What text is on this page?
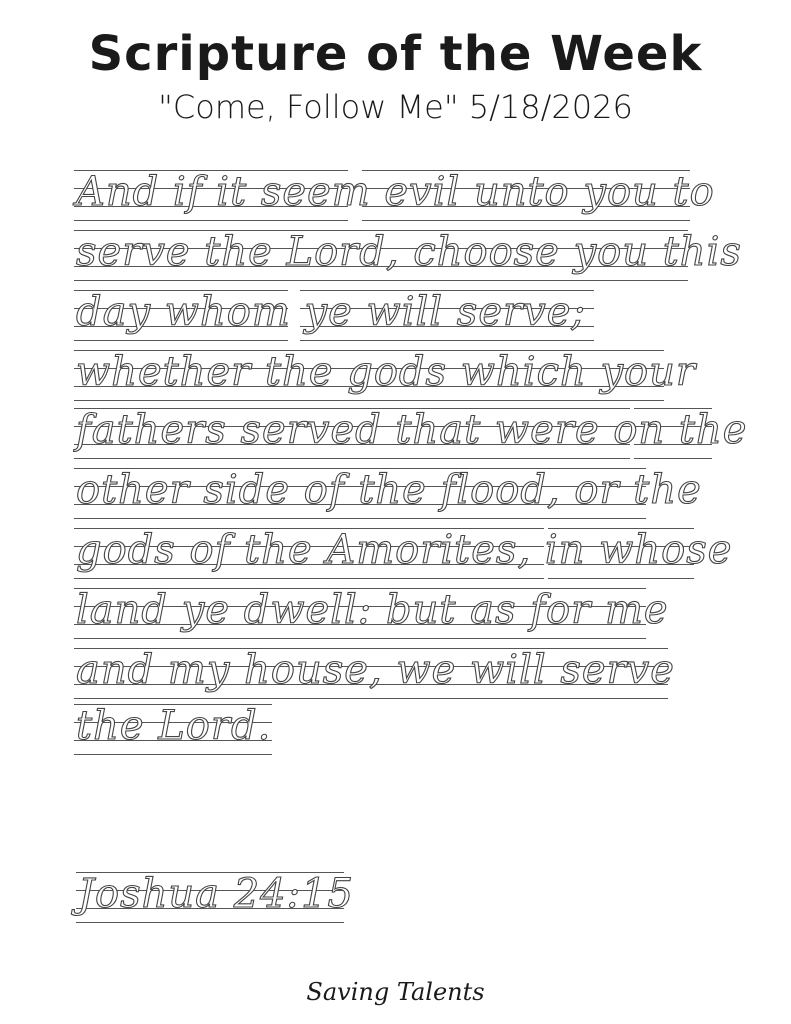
Scripture of the Week
"Come, Follow Me" 5/18/2026
And if it seem evil unto you to
serve the Lord, choose you this
day whom ye will serve;
whether the gods which your
fathers served that were on the
other side of the flood, or the
gods of the Amorites, in whose
land ye dwell: but as for me
and my house, we will serve
the Lord.
Joshua 24:15
Saving Talents
